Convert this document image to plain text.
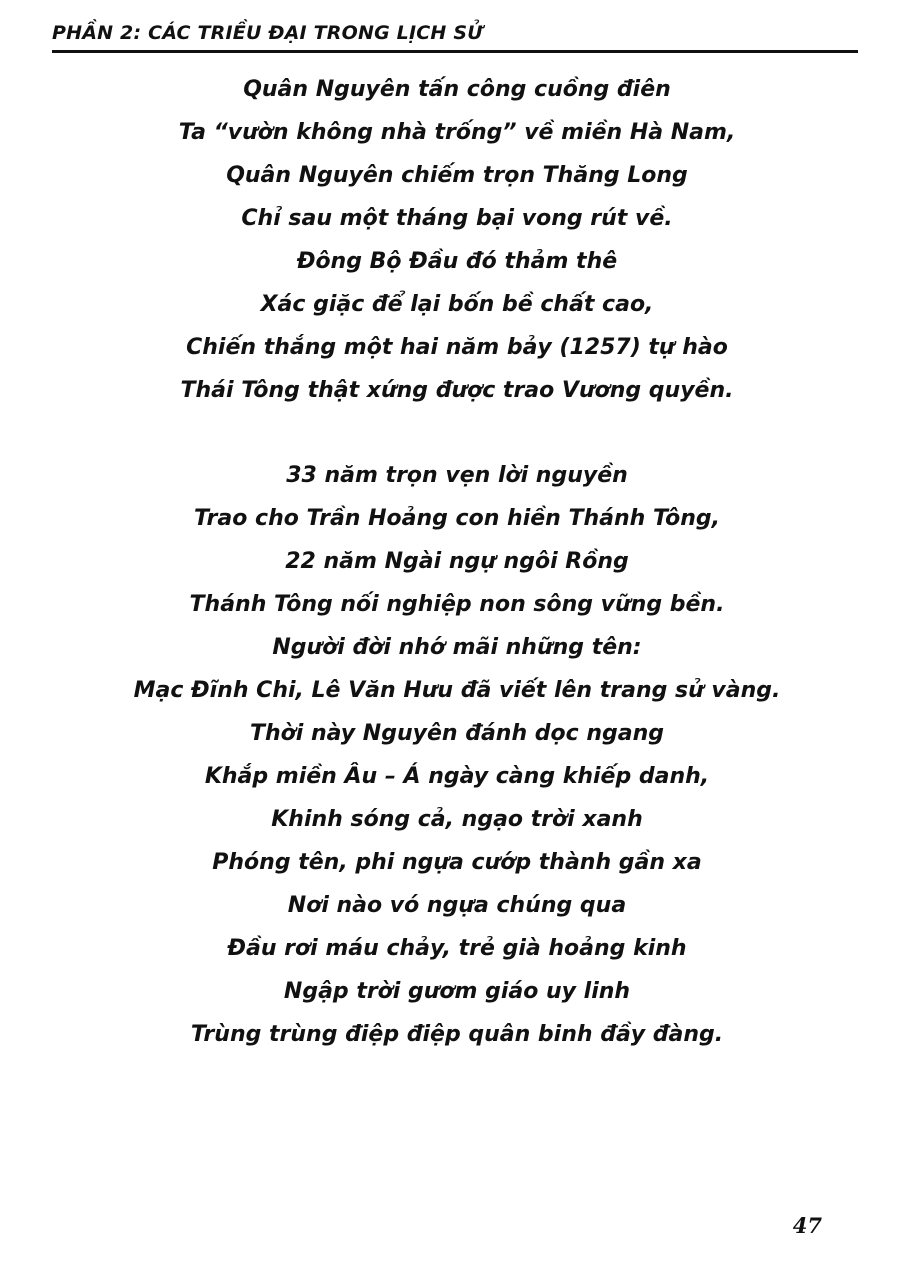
PHẦN 2: CÁC TRIỀU ĐẠI TRONG LỊCH SỬ
Quân Nguyên tấn công cuồng điên
Ta “vườn không nhà trống” về miền Hà Nam,
Quân Nguyên chiếm trọn Thăng Long
Chỉ sau một tháng bại vong rút về.
Đông Bộ Đầu đó thảm thê
Xác giặc để lại bốn bề chất cao,
Chiến thắng một hai năm bảy (1257) tự hào
Thái Tông thật xứng được trao Vương quyền.
33 năm trọn vẹn lời nguyền
Trao cho Trần Hoảng con hiền Thánh Tông,
22 năm Ngài ngự ngôi Rồng
Thánh Tông nối nghiệp non sông vững bền.
Người đời nhớ mãi những tên:
Mạc Đĩnh Chi, Lê Văn Hưu đã viết lên trang sử vàng.
Thời này Nguyên đánh dọc ngang
Khắp miền Âu – Á ngày càng khiếp danh,
Khinh sóng cả, ngạo trời xanh
Phóng tên, phi ngựa cướp thành gần xa
Nơi nào vó ngựa chúng qua
Đầu rơi máu chảy, trẻ già hoảng kinh
Ngập trời gươm giáo uy linh
Trùng trùng điệp điệp quân binh đầy đàng.
47
